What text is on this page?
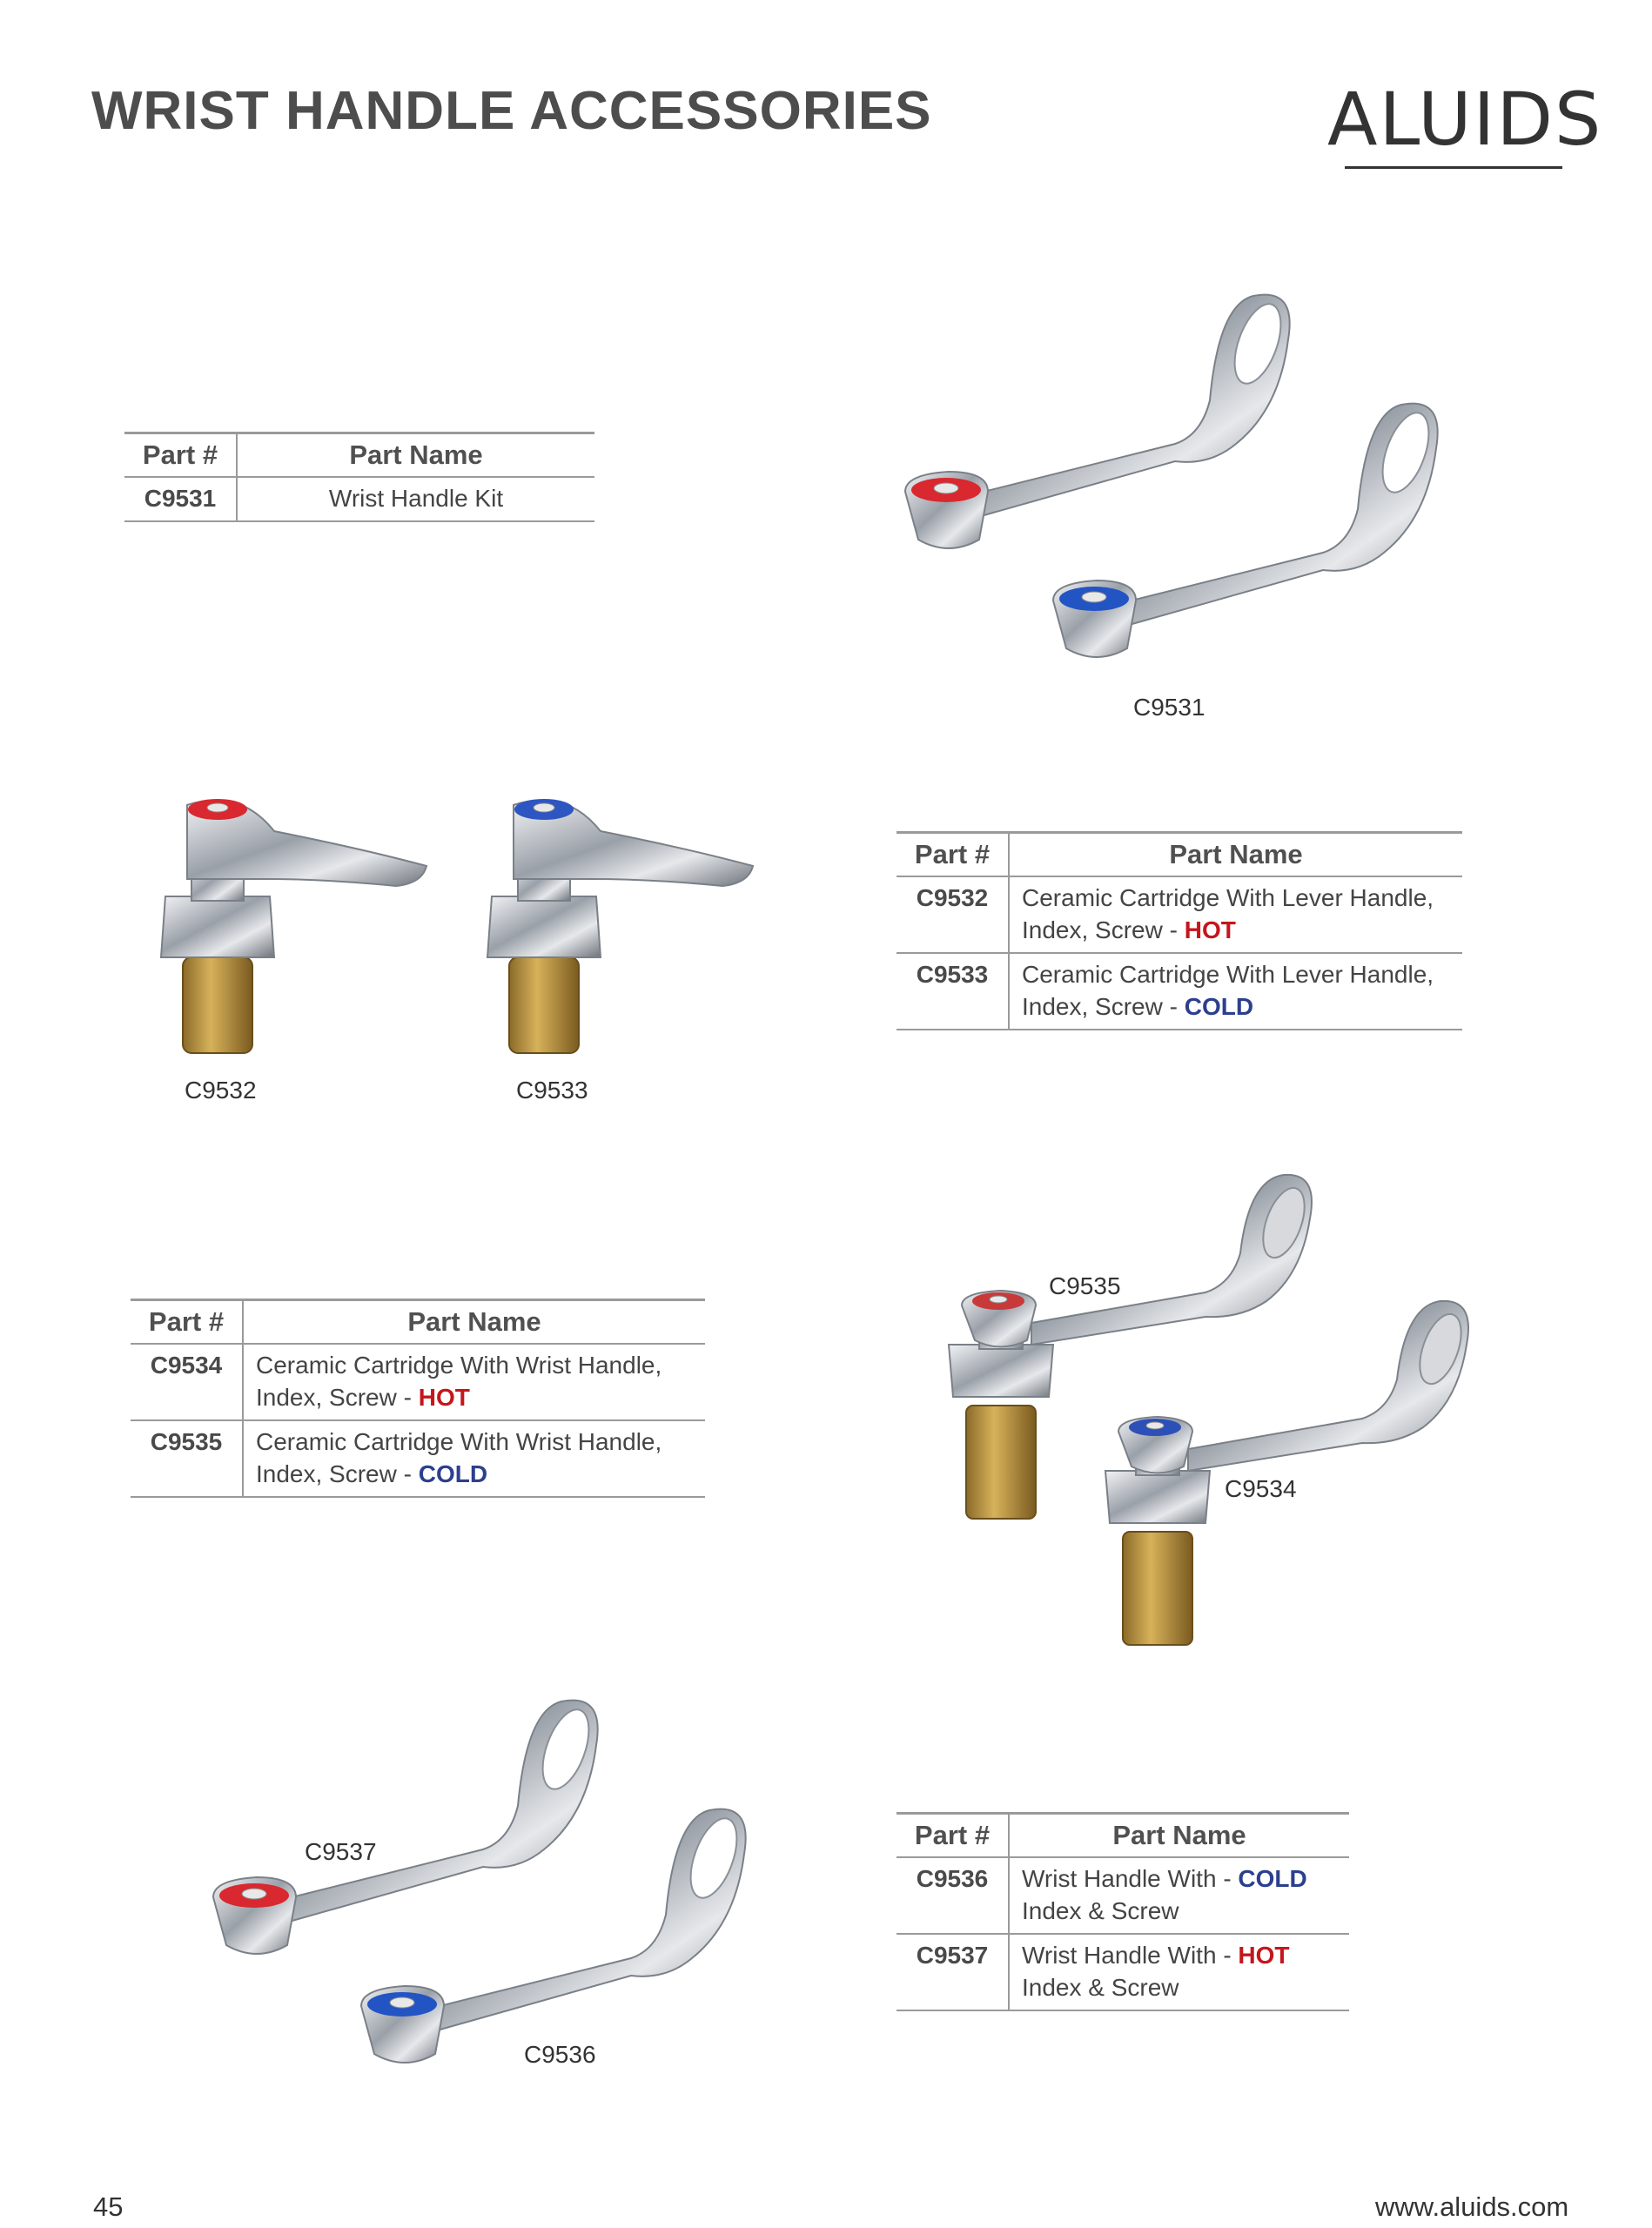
WRIST HANDLE ACCESSORIES	ALUIDS
Part #	Part Name
C9531	Wrist Handle Kit
C9531
C9532	C9533
Part #	Part Name
C9532	Ceramic Cartridge With Lever Handle,
Index, Screw - HOT
C9533	Ceramic Cartridge With Lever Handle,
Index, Screw - COLD
Part #	Part Name
C9534	Ceramic Cartridge With Wrist Handle,
Index, Screw - HOT
C9535	Ceramic Cartridge With Wrist Handle,
Index, Screw - COLD
C9535
C9534
C9537
C9536
Part #	Part Name
C9536	Wrist Handle With - COLD
Index & Screw
C9537	Wrist Handle With - HOT
Index & Screw
45	www.aluids.com
